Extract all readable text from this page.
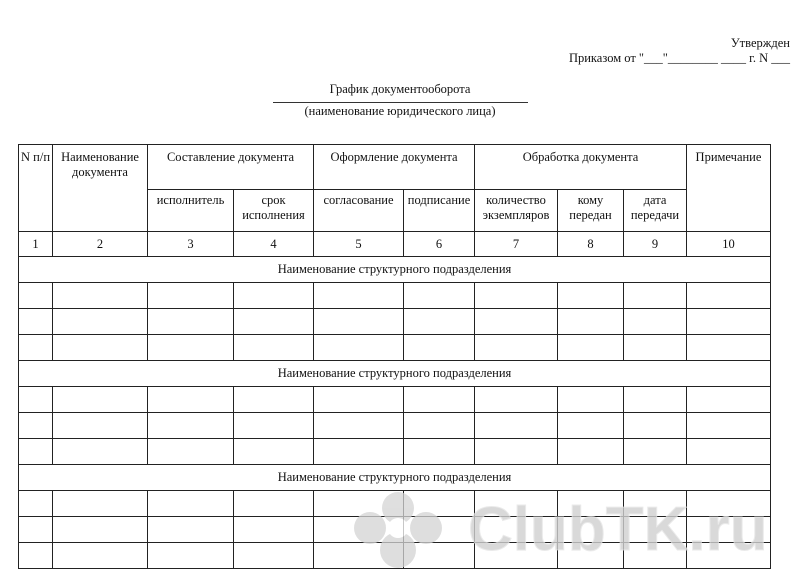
Утвержден
Приказом от "___"________ ____ г. N ___
График документооборота
(наименование юридического лица)
N п/п	Наименование документа	Составление документа		Оформление документа		Обработка документа			Примечание
		исполнитель	срок исполнения	согласование	подписание	количество экземпляров	кому передан	дата передачи	
1	2	3	4	5	6	7	8	9	10
Наименование структурного подразделения									

Наименование структурного подразделения									

Наименование структурного подразделения									

ClubTK.ru
